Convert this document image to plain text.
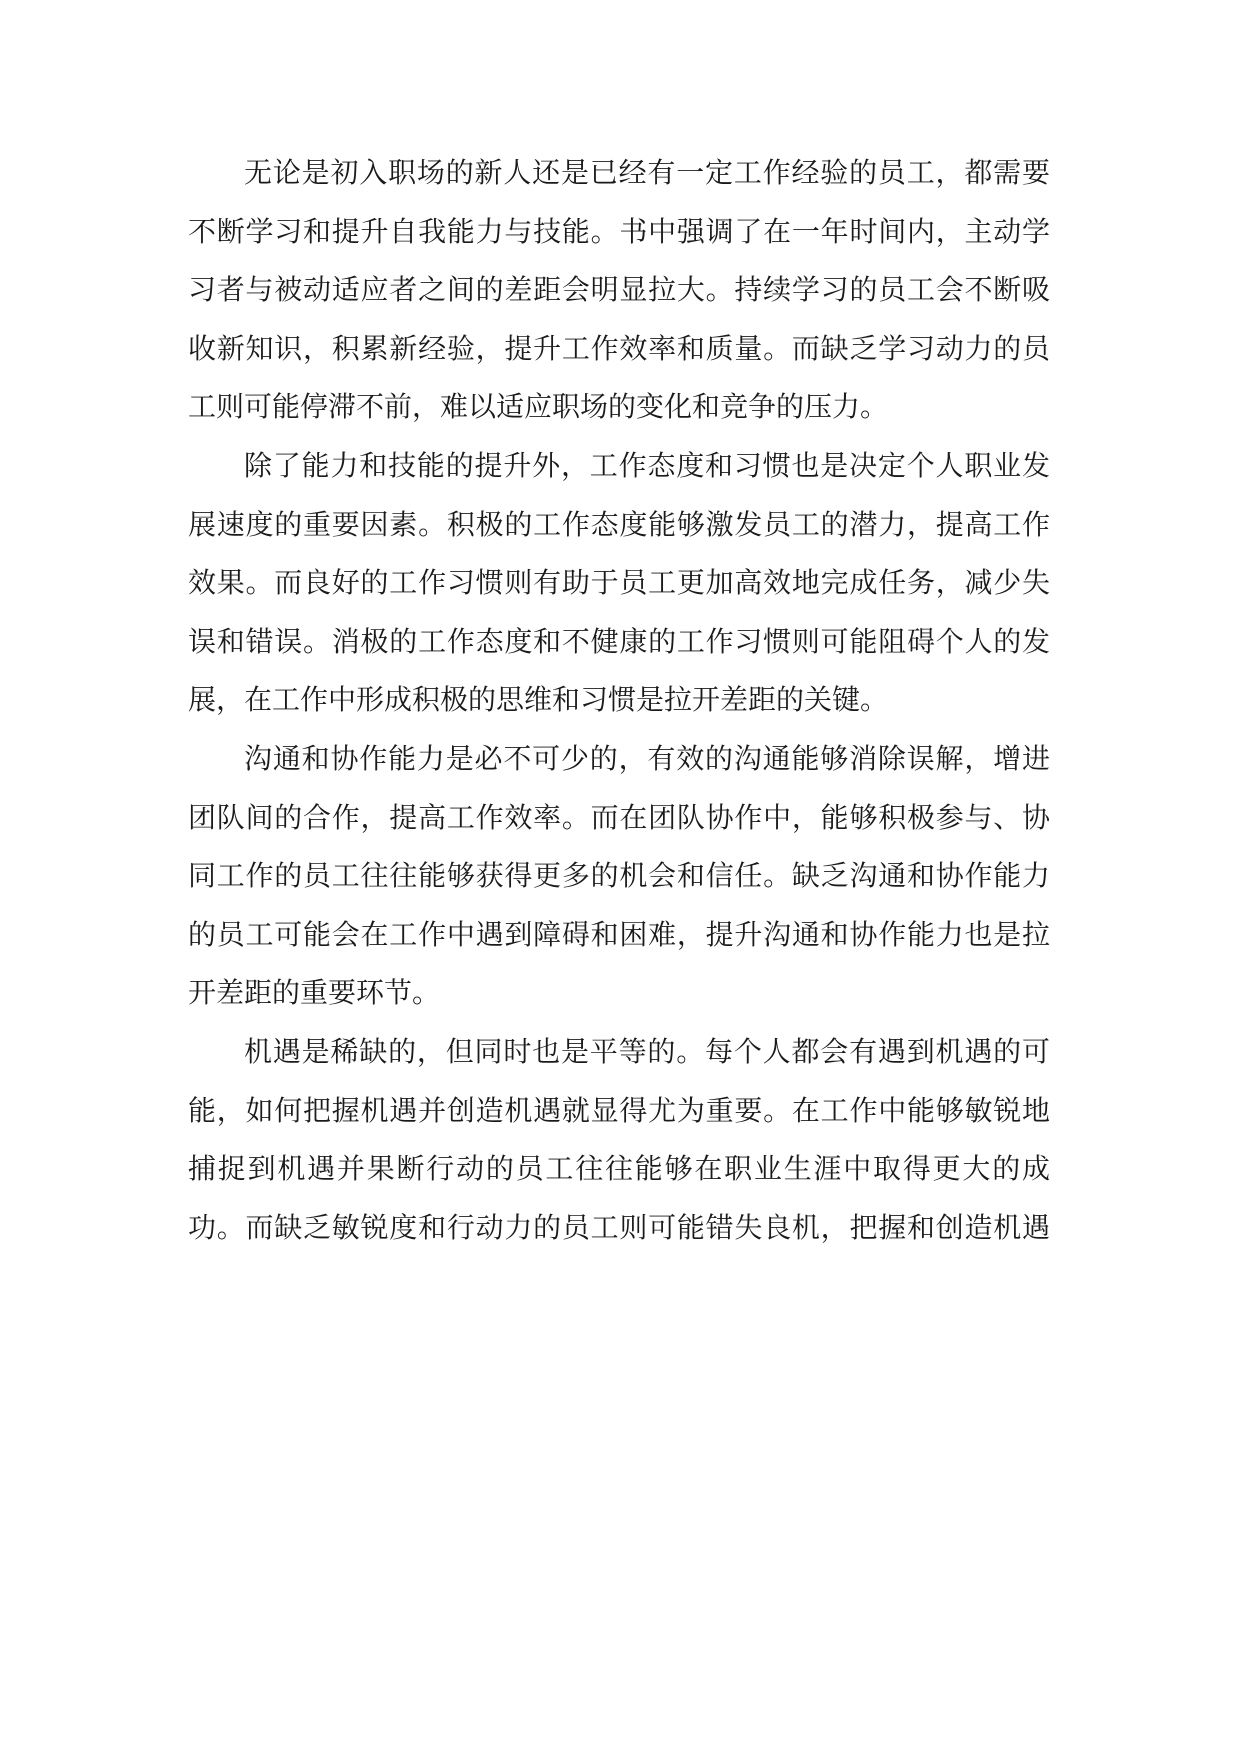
无论是初入职场的新人还是已经有一定工作经验的员工，都需要
不断学习和提升自我能力与技能。书中强调了在一年时间内，主动学
习者与被动适应者之间的差距会明显拉大。持续学习的员工会不断吸
收新知识，积累新经验，提升工作效率和质量。而缺乏学习动力的员
工则可能停滞不前，难以适应职场的变化和竞争的压力。
除了能力和技能的提升外，工作态度和习惯也是决定个人职业发
展速度的重要因素。积极的工作态度能够激发员工的潜力，提高工作
效果。而良好的工作习惯则有助于员工更加高效地完成任务，减少失
误和错误。消极的工作态度和不健康的工作习惯则可能阻碍个人的发
展，在工作中形成积极的思维和习惯是拉开差距的关键。
沟通和协作能力是必不可少的，有效的沟通能够消除误解，增进
团队间的合作，提高工作效率。而在团队协作中，能够积极参与、协
同工作的员工往往能够获得更多的机会和信任。缺乏沟通和协作能力
的员工可能会在工作中遇到障碍和困难，提升沟通和协作能力也是拉
开差距的重要环节。
机遇是稀缺的，但同时也是平等的。每个人都会有遇到机遇的可
能，如何把握机遇并创造机遇就显得尤为重要。在工作中能够敏锐地
捕捉到机遇并果断行动的员工往往能够在职业生涯中取得更大的成
功。而缺乏敏锐度和行动力的员工则可能错失良机，把握和创造机遇
